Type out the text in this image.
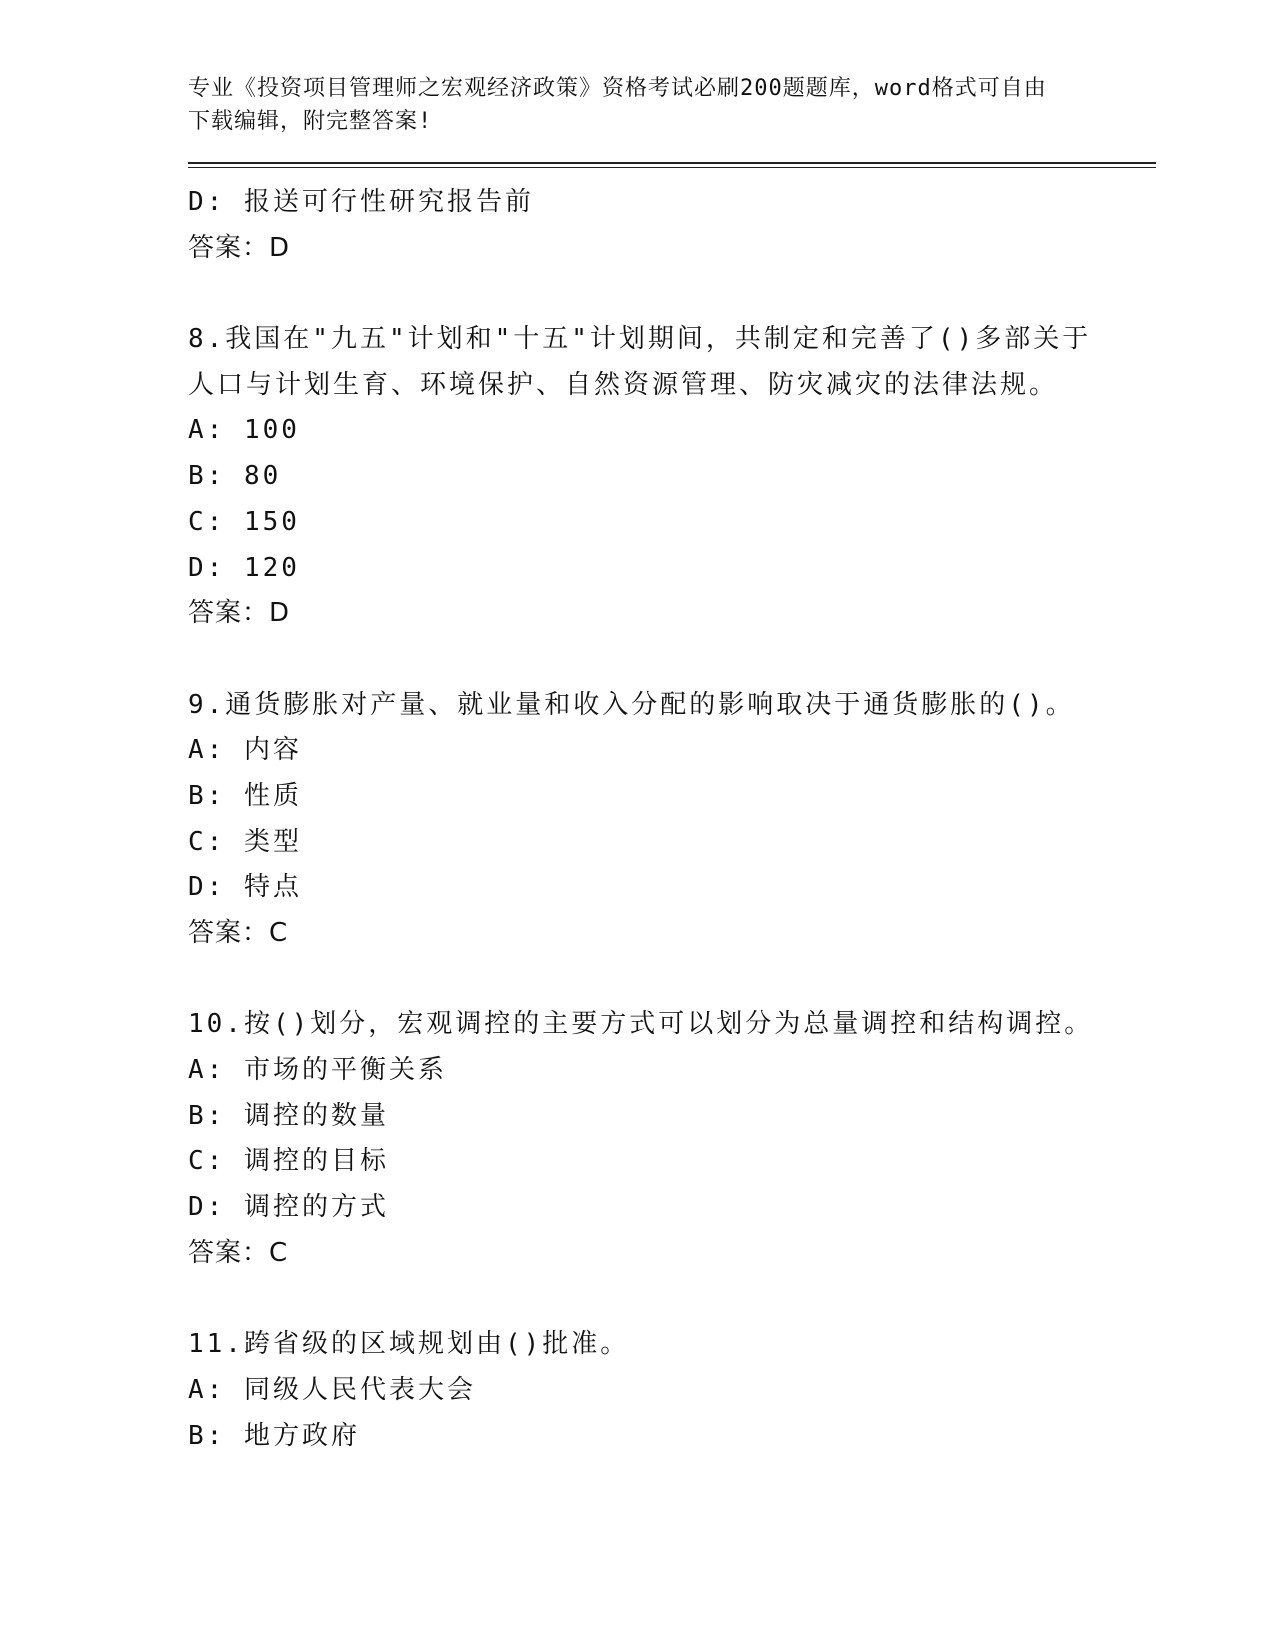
专业《投资项目管理师之宏观经济政策》资格考试必刷200题题库，word格式可自由下载编辑，附完整答案!

D: 报送可行性研究报告前
答案：D
8.我国在"九五"计划和"十五"计划期间，共制定和完善了()多部关于
人口与计划生育、环境保护、自然资源管理、防灾减灾的法律法规。
A: 100
B: 80
C: 150
D: 120
答案：D
9.通货膨胀对产量、就业量和收入分配的影响取决于通货膨胀的()。
A: 内容
B: 性质
C: 类型
D: 特点
答案：C
10.按()划分，宏观调控的主要方式可以划分为总量调控和结构调控。
A: 市场的平衡关系
B: 调控的数量
C: 调控的目标
D: 调控的方式
答案：C
11.跨省级的区域规划由()批准。
A: 同级人民代表大会
B: 地方政府
